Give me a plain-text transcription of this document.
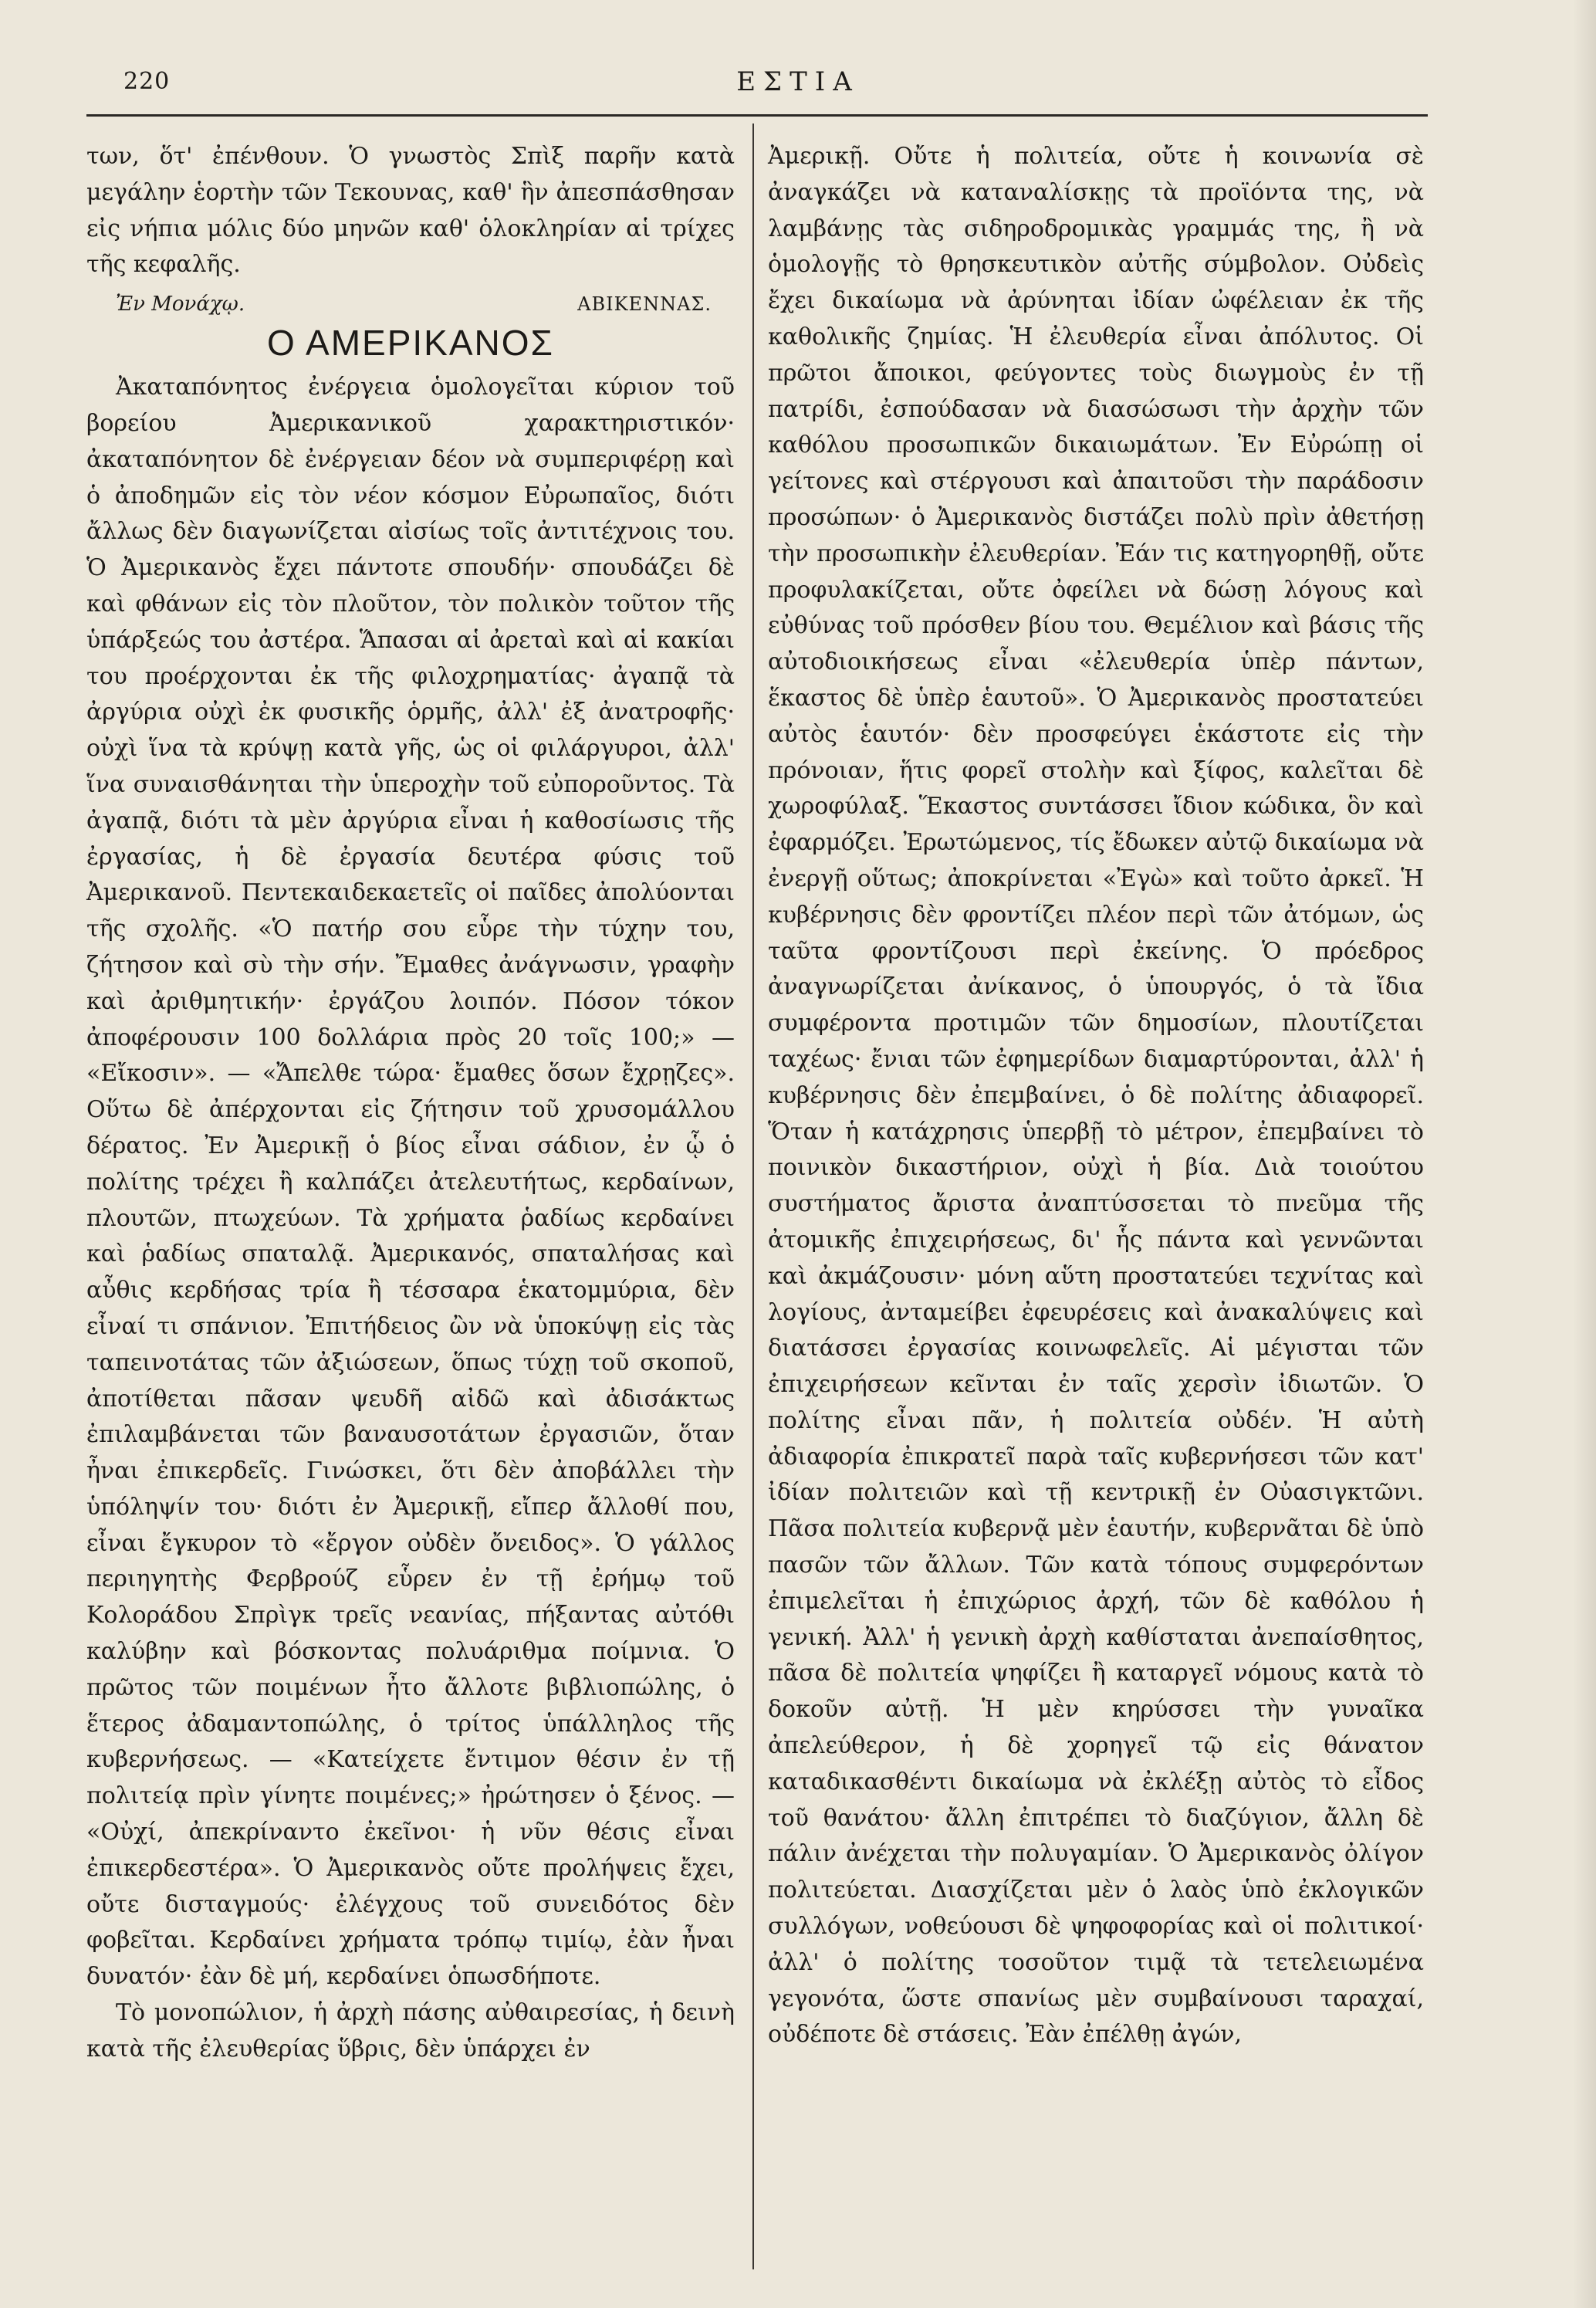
220	ΕΣΤΙΑ

των, ὅτ' ἐπένθουν. Ὁ γνωστὸς Σπὶξ παρῆν κατὰ μεγάλην ἑορτὴν τῶν Τεκουνας, καθ' ἣν ἀπεσπάσθησαν εἰς νήπια μόλις δύο μηνῶν καθ' ὁλοκληρίαν αἱ τρίχες τῆς κεφαλῆς.

Ἐν Μονάχῳ.	ΑΒΙΚΕΝΝΑΣ.

Ο ΑΜΕΡΙΚΑΝΟΣ

Ἀκαταπόνητος ἐνέργεια ὁμολογεῖται κύριον τοῦ βορείου Ἀμερικανικοῦ χαρακτηριστικόν· ἀκαταπόνητον δὲ ἐνέργειαν δέον νὰ συμπεριφέρῃ καὶ ὁ ἀποδημῶν εἰς τὸν νέον κόσμον Εὐρωπαῖος, διότι ἄλλως δὲν διαγωνίζεται αἰσίως τοῖς ἀντιτέχνοις του. Ὁ Ἀμερικανὸς ἔχει πάντοτε σπουδήν· σπουδάζει δὲ καὶ φθάνων εἰς τὸν πλοῦτον, τὸν πολικὸν τοῦτον τῆς ὑπάρξεώς του ἀστέρα. Ἅπασαι αἱ ἀρεταὶ καὶ αἱ κακίαι του προέρχονται ἐκ τῆς φιλοχρηματίας· ἀγαπᾷ τὰ ἀργύρια οὐχὶ ἐκ φυσικῆς ὁρμῆς, ἀλλ' ἐξ ἀνατροφῆς· οὐχὶ ἵνα τὰ κρύψῃ κατὰ γῆς, ὡς οἱ φιλάργυροι, ἀλλ' ἵνα συναισθάνηται τὴν ὑπεροχὴν τοῦ εὐποροῦντος. Τὰ ἀγαπᾷ, διότι τὰ μὲν ἀργύρια εἶναι ἡ καθοσίωσις τῆς ἐργασίας, ἡ δὲ ἐργασία δευτέρα φύσις τοῦ Ἀμερικανοῦ. Πεντεκαιδεκαετεῖς οἱ παῖδες ἀπολύονται τῆς σχολῆς. «Ὁ πατήρ σου εὗρε τὴν τύχην του, ζήτησον καὶ σὺ τὴν σήν. Ἔμαθες ἀνάγνωσιν, γραφὴν καὶ ἀριθμητικήν· ἐργάζου λοιπόν. Πόσον τόκον ἀποφέρουσιν 100 δολλάρια πρὸς 20 τοῖς 100;» — «Εἴκοσιν». — «Ἄπελθε τώρα· ἔμαθες ὅσων ἔχρῃζες». Οὕτω δὲ ἀπέρχονται εἰς ζήτησιν τοῦ χρυσομάλλου δέρατος. Ἐν Ἀμερικῇ ὁ βίος εἶναι σάδιον, ἐν ᾧ ὁ πολίτης τρέχει ἢ καλπάζει ἀτελευτήτως, κερδαίνων, πλουτῶν, πτωχεύων. Τὰ χρήματα ῥαδίως κερδαίνει καὶ ῥαδίως σπαταλᾷ. Ἀμερικανός, σπαταλήσας καὶ αὖθις κερδήσας τρία ἢ τέσσαρα ἑκατομμύρια, δὲν εἶναί τι σπάνιον. Ἐπιτήδειος ὢν νὰ ὑποκύψῃ εἰς τὰς ταπεινοτάτας τῶν ἀξιώσεων, ὅπως τύχῃ τοῦ σκοποῦ, ἀποτίθεται πᾶσαν ψευδῆ αἰδῶ καὶ ἀδισάκτως ἐπιλαμβάνεται τῶν βαναυσοτάτων ἐργασιῶν, ὅταν ἦναι ἐπικερδεῖς. Γινώσκει, ὅτι δὲν ἀποβάλλει τὴν ὑπόληψίν του· διότι ἐν Ἀμερικῇ, εἴπερ ἄλλοθί που, εἶναι ἔγκυρον τὸ «ἔργον οὐδὲν ὄνειδος». Ὁ γάλλος περιηγητὴς Φερβρούζ εὗρεν ἐν τῇ ἐρήμῳ τοῦ Κολοράδου Σπρὶγκ τρεῖς νεανίας, πήξαντας αὐτόθι καλύβην καὶ βόσκοντας πολυάριθμα ποίμνια. Ὁ πρῶτος τῶν ποιμένων ἦτο ἄλλοτε βιβλιοπώλης, ὁ ἕτερος ἀδαμαντοπώλης, ὁ τρίτος ὑπάλληλος τῆς κυβερνήσεως. — «Κατείχετε ἔντιμον θέσιν ἐν τῇ πολιτείᾳ πρὶν γίνητε ποιμένες;» ἠρώτησεν ὁ ξένος. — «Οὐχί, ἀπεκρίναντο ἐκεῖνοι· ἡ νῦν θέσις εἶναι ἐπικερδεστέρα». Ὁ Ἀμερικανὸς οὔτε προλήψεις ἔχει, οὔτε δισταγμούς· ἐλέγχους τοῦ συνειδότος δὲν φοβεῖται. Κερδαίνει χρήματα τρόπῳ τιμίῳ, ἐὰν ἦναι δυνατόν· ἐὰν δὲ μή, κερδαίνει ὁπωσδήποτε.

Τὸ μονοπώλιον, ἡ ἀρχὴ πάσης αὐθαιρεσίας, ἡ δεινὴ κατὰ τῆς ἐλευθερίας ὕβρις, δὲν ὑπάρχει ἐν

Ἀμερικῇ. Οὔτε ἡ πολιτεία, οὔτε ἡ κοινωνία σὲ ἀναγκάζει νὰ καταναλίσκῃς τὰ προϊόντα της, νὰ λαμβάνῃς τὰς σιδηροδρομικὰς γραμμάς της, ἢ νὰ ὁμολογῇς τὸ θρησκευτικὸν αὐτῆς σύμβολον. Οὐδεὶς ἔχει δικαίωμα νὰ ἀρύνηται ἰδίαν ὠφέλειαν ἐκ τῆς καθολικῆς ζημίας. Ἡ ἐλευθερία εἶναι ἀπόλυτος. Οἱ πρῶτοι ἄποικοι, φεύγοντες τοὺς διωγμοὺς ἐν τῇ πατρίδι, ἐσπούδασαν νὰ διασώσωσι τὴν ἀρχὴν τῶν καθόλου προσωπικῶν δικαιωμάτων. Ἐν Εὐρώπῃ οἱ γείτονες καὶ στέργουσι καὶ ἀπαιτοῦσι τὴν παράδοσιν προσώπων· ὁ Ἀμερικανὸς διστάζει πολὺ πρὶν ἀθετήσῃ τὴν προσωπικὴν ἐλευθερίαν. Ἐάν τις κατηγορηθῇ, οὔτε προφυλακίζεται, οὔτε ὀφείλει νὰ δώσῃ λόγους καὶ εὐθύνας τοῦ πρόσθεν βίου του. Θεμέλιον καὶ βάσις τῆς αὐτοδιοικήσεως εἶναι «ἐλευθερία ὑπὲρ πάντων, ἕκαστος δὲ ὑπὲρ ἑαυτοῦ». Ὁ Ἀμερικανὸς προστατεύει αὐτὸς ἑαυτόν· δὲν προσφεύγει ἑκάστοτε εἰς τὴν πρόνοιαν, ἥτις φορεῖ στολὴν καὶ ξίφος, καλεῖται δὲ χωροφύλαξ. Ἕκαστος συντάσσει ἴδιον κώδικα, ὃν καὶ ἐφαρμόζει. Ἐρωτώμενος, τίς ἔδωκεν αὐτῷ δικαίωμα νὰ ἐνεργῇ οὕτως; ἀποκρίνεται «Ἐγὼ» καὶ τοῦτο ἀρκεῖ. Ἡ κυβέρνησις δὲν φροντίζει πλέον περὶ τῶν ἀτόμων, ὡς ταῦτα φροντίζουσι περὶ ἐκείνης. Ὁ πρόεδρος ἀναγνωρίζεται ἀνίκανος, ὁ ὑπουργός, ὁ τὰ ἴδια συμφέροντα προτιμῶν τῶν δημοσίων, πλουτίζεται ταχέως· ἔνιαι τῶν ἐφημερίδων διαμαρτύρονται, ἀλλ' ἡ κυβέρνησις δὲν ἐπεμβαίνει, ὁ δὲ πολίτης ἀδιαφορεῖ. Ὅταν ἡ κατάχρησις ὑπερβῇ τὸ μέτρον, ἐπεμβαίνει τὸ ποινικὸν δικαστήριον, οὐχὶ ἡ βία. Διὰ τοιούτου συστήματος ἄριστα ἀναπτύσσεται τὸ πνεῦμα τῆς ἀτομικῆς ἐπιχειρήσεως, δι' ἧς πάντα καὶ γεννῶνται καὶ ἀκμάζουσιν· μόνη αὕτη προστατεύει τεχνίτας καὶ λογίους, ἀνταμείβει ἐφευρέσεις καὶ ἀνακαλύψεις καὶ διατάσσει ἐργασίας κοινωφελεῖς. Αἱ μέγισται τῶν ἐπιχειρήσεων κεῖνται ἐν ταῖς χερσὶν ἰδιωτῶν. Ὁ πολίτης εἶναι πᾶν, ἡ πολιτεία οὐδέν. Ἡ αὐτὴ ἀδιαφορία ἐπικρατεῖ παρὰ ταῖς κυβερνήσεσι τῶν κατ' ἰδίαν πολιτειῶν καὶ τῇ κεντρικῇ ἐν Οὐασιγκτῶνι. Πᾶσα πολιτεία κυβερνᾷ μὲν ἑαυτήν, κυβερνᾶται δὲ ὑπὸ πασῶν τῶν ἄλλων. Τῶν κατὰ τόπους συμφερόντων ἐπιμελεῖται ἡ ἐπιχώριος ἀρχή, τῶν δὲ καθόλου ἡ γενική. Ἀλλ' ἡ γενικὴ ἀρχὴ καθίσταται ἀνεπαίσθητος, πᾶσα δὲ πολιτεία ψηφίζει ἢ καταργεῖ νόμους κατὰ τὸ δοκοῦν αὐτῇ. Ἡ μὲν κηρύσσει τὴν γυναῖκα ἀπελεύθερον, ἡ δὲ χορηγεῖ τῷ εἰς θάνατον καταδικασθέντι δικαίωμα νὰ ἐκλέξῃ αὐτὸς τὸ εἶδος τοῦ θανάτου· ἄλλη ἐπιτρέπει τὸ διαζύγιον, ἄλλη δὲ πάλιν ἀνέχεται τὴν πολυγαμίαν. Ὁ Ἀμερικανὸς ὀλίγον πολιτεύεται. Διασχίζεται μὲν ὁ λαὸς ὑπὸ ἐκλογικῶν συλλόγων, νοθεύουσι δὲ ψηφοφορίας καὶ οἱ πολιτικοί· ἀλλ' ὁ πολίτης τοσοῦτον τιμᾷ τὰ τετελειωμένα γεγονότα, ὥστε σπανίως μὲν συμβαίνουσι ταραχαί, οὐδέποτε δὲ στάσεις. Ἐὰν ἐπέλθῃ ἀγών,
